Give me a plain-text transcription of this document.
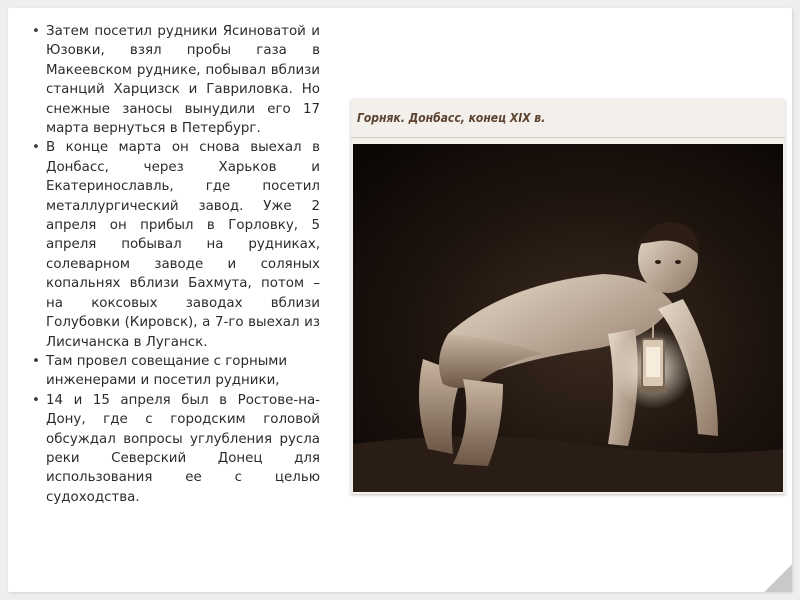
• Затем посетил рудники Ясиноватой и Юзовки, взял пробы газа в Макеевском руднике, побывал вблизи станций Харцизск и Гавриловка. Но снежные заносы вынудили его 17 марта вернуться в Петербург.
• В конце марта он снова выехал в Донбасс, через Харьков и Екатеринославль, где посетил металлургический завод. Уже 2 апреля он прибыл в Горловку, 5 апреля побывал на рудниках, солеварном заводе и соляных копальнях вблизи Бахмута, потом – на коксовых заводах вблизи Голубовки (Кировск), а 7-го выехал из Лисичанска в Луганск.
• Там провел совещание с горными инженерами и посетил рудники,
• 14 и 15 апреля был в Ростове-на-Дону, где с городским головой обсуждал вопросы углубления русла реки Северский Донец для использования ее с целью судоходства.
Горняк. Донбасс, конец XIX в.
